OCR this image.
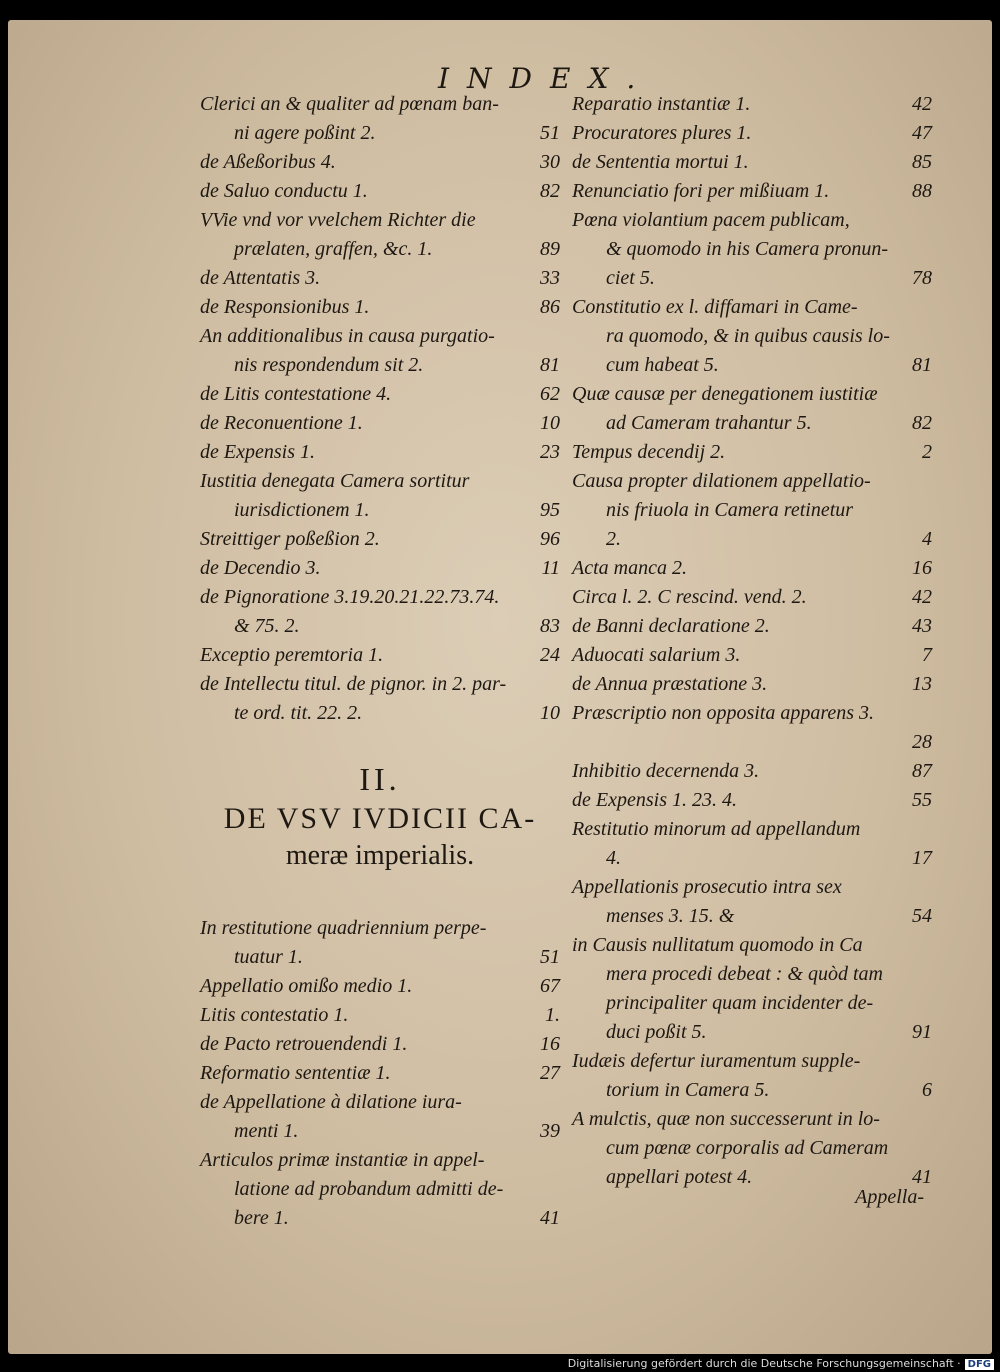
INDEX.
Clerici an & qualiter ad pœnam ban-
ni agere poßint 2.	51
de Aßeßoribus 4.	30
de Saluo conductu 1.	82
VVie vnd vor vvelchem Richter die
prælaten, graffen, &c. 1.	89
de Attentatis 3.	33
de Responsionibus 1.	86
An additionalibus in causa purgatio-
nis respondendum sit 2.	81
de Litis contestatione 4.	62
de Reconuentione 1.	10
de Expensis 1.	23
Iustitia denegata Camera sortitur
iurisdictionem 1.	95
Streittiger poßeßion 2.	96
de Decendio 3.	11
de Pignoratione 3.19.20.21.22.73.74.
& 75. 2.	83
Exceptio peremtoria 1.	24
de Intellectu titul. de pignor. in 2. par-
te ord. tit. 22. 2.	10
II.
DE VSV IVDICII CA-
meræ imperialis.
In restitutione quadriennium perpe-
tuatur 1.	51
Appellatio omißo medio 1.	67
Litis contestatio 1.	1.
de Pacto retrouendendi 1.	16
Reformatio sententiæ 1.	27
de Appellatione à dilatione iura-
menti 1.	39
Articulos primæ instantiæ in appel-
latione ad probandum admitti de-
bere 1.	41
Reparatio instantiæ 1.	42
Procuratores plures 1.	47
de Sententia mortui 1.	85
Renunciatio fori per mißiuam 1.	88
Pœna violantium pacem publicam,
& quomodo in his Camera pronun-
ciet 5.	78
Constitutio ex l. diffamari in Came-
ra quomodo, & in quibus causis lo-
cum habeat 5.	81
Quæ causæ per denegationem iustitiæ
ad Cameram trahantur 5.	82
Tempus decendij 2.	2
Causa propter dilationem appellatio-
nis friuola in Camera retinetur
2.	4
Acta manca 2.	16
Circa l. 2. C rescind. vend. 2.	42
de Banni declaratione 2.	43
Aduocati salarium 3.	7
de Annua præstatione 3.	13
Præscriptio non opposita apparens 3.

28
Inhibitio decernenda 3.	87
de Expensis 1. 23. 4.	55
Restitutio minorum ad appellandum
4.	17
Appellationis prosecutio intra sex
menses 3. 15. &	54
in Causis nullitatum quomodo in Ca
mera procedi debeat : & quòd tam
principaliter quam incidenter de-
duci poßit 5.	91
Iudæis defertur iuramentum supple-
torium in Camera 5.	6
A mulctis, quæ non successerunt in lo-
cum pœnæ corporalis ad Cameram
appellari potest 4.	41
Appella-
Digitalisierung gefördert durch die Deutsche Forschungsgemeinschaft · DFG
